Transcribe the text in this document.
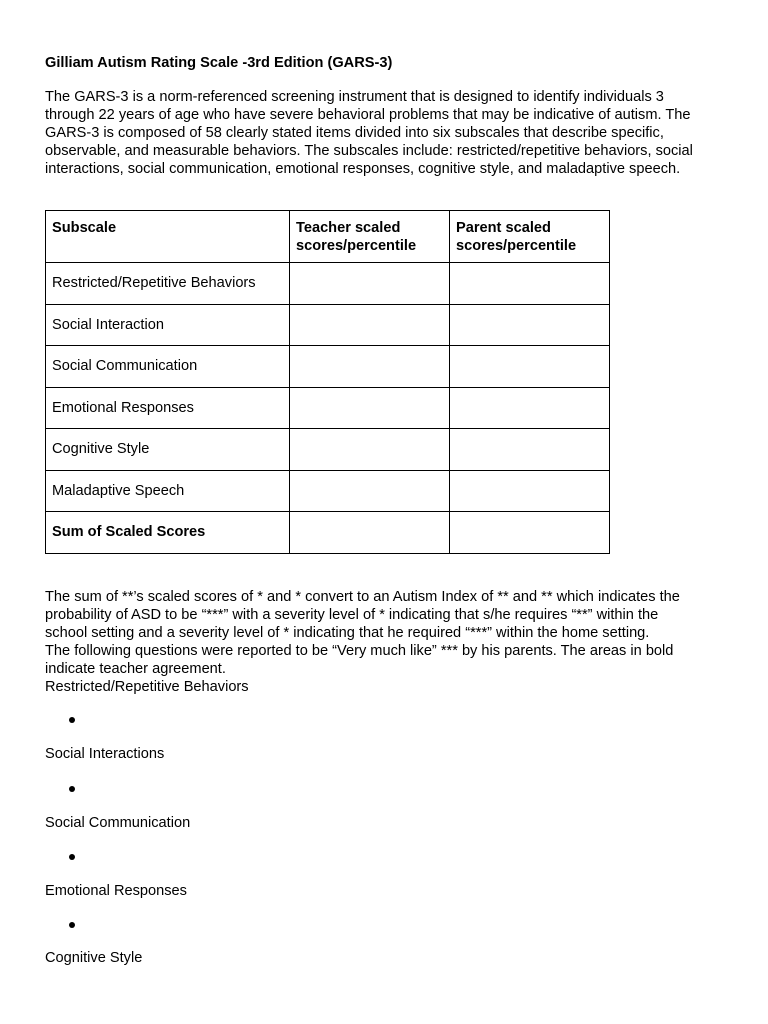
Gilliam Autism Rating Scale -3rd Edition (GARS-3)

The GARS-3 is a norm-referenced screening instrument that is designed to identify individuals 3
through 22 years of age who have severe behavioral problems that may be indicative of autism. The
GARS-3 is composed of 58 clearly stated items divided into six subscales that describe specific,
observable, and measurable behaviors. The subscales include: restricted/repetitive behaviors, social
interactions, social communication, emotional responses, cognitive style, and maladaptive speech.

Subscale	Teacher scaled scores/percentile	Parent scaled scores/percentile
Restricted/Repetitive Behaviors		
Social Interaction		
Social Communication		
Emotional Responses		
Cognitive Style		
Maladaptive Speech		
Sum of Scaled Scores		
The sum of **’s scaled scores of * and * convert to an Autism Index of ** and ** which indicates the
probability of ASD to be “***” with a severity level of * indicating that s/he requires “**” within the
school setting and a severity level of * indicating that he required “***” within the home setting.
The following questions were reported to be “Very much like” *** by his parents. The areas in bold
indicate teacher agreement.
Restricted/Repetitive Behaviors
Social Interactions
Social Communication
Emotional Responses
Cognitive Style
